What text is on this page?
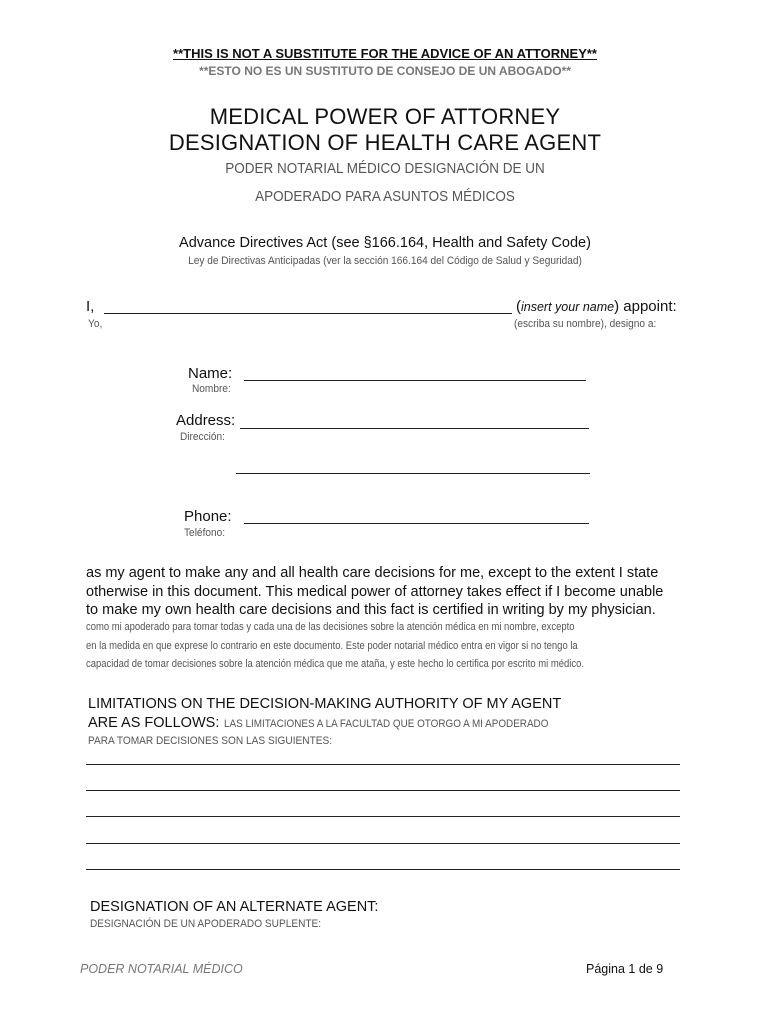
**THIS IS NOT A SUBSTITUTE FOR THE ADVICE OF AN ATTORNEY**
**ESTO NO ES UN SUSTITUTO DE CONSEJO DE UN ABOGADO**
MEDICAL POWER OF ATTORNEY
DESIGNATION OF HEALTH CARE AGENT
PODER NOTARIAL MÉDICO DESIGNACIÓN DE UN
APODERADO PARA ASUNTOS MÉDICOS
Advance Directives Act (see §166.164, Health and Safety Code)
Ley de Directivas Anticipadas (ver la sección 166.164 del Código de Salud y Seguridad)
I,	(insert your name) appoint:
Yo,	(escriba su nombre), designo a:
Name:
Nombre:
Address:
Dirección:
Phone:
Teléfono:
as my agent to make any and all health care decisions for me, except to the extent I state
otherwise in this document. This medical power of attorney takes effect if I become unable
to make my own health care decisions and this fact is certified in writing by my physician.
como mi apoderado para tomar todas y cada una de las decisiones sobre la atención médica en mi nombre, excepto
en la medida en que exprese lo contrario en este documento. Este poder notarial médico entra en vigor si no tengo la
capacidad de tomar decisiones sobre la atención médica que me ataña, y este hecho lo certifica por escrito mi médico.
LIMITATIONS ON THE DECISION-MAKING AUTHORITY OF MY AGENT
ARE AS FOLLOWS: LAS LIMITACIONES A LA FACULTAD QUE OTORGO A MI APODERADO
PARA TOMAR DECISIONES SON LAS SIGUIENTES:
DESIGNATION OF AN ALTERNATE AGENT:
DESIGNACIÓN DE UN APODERADO SUPLENTE:
PODER NOTARIAL MÉDICO	Página 1 de 9
